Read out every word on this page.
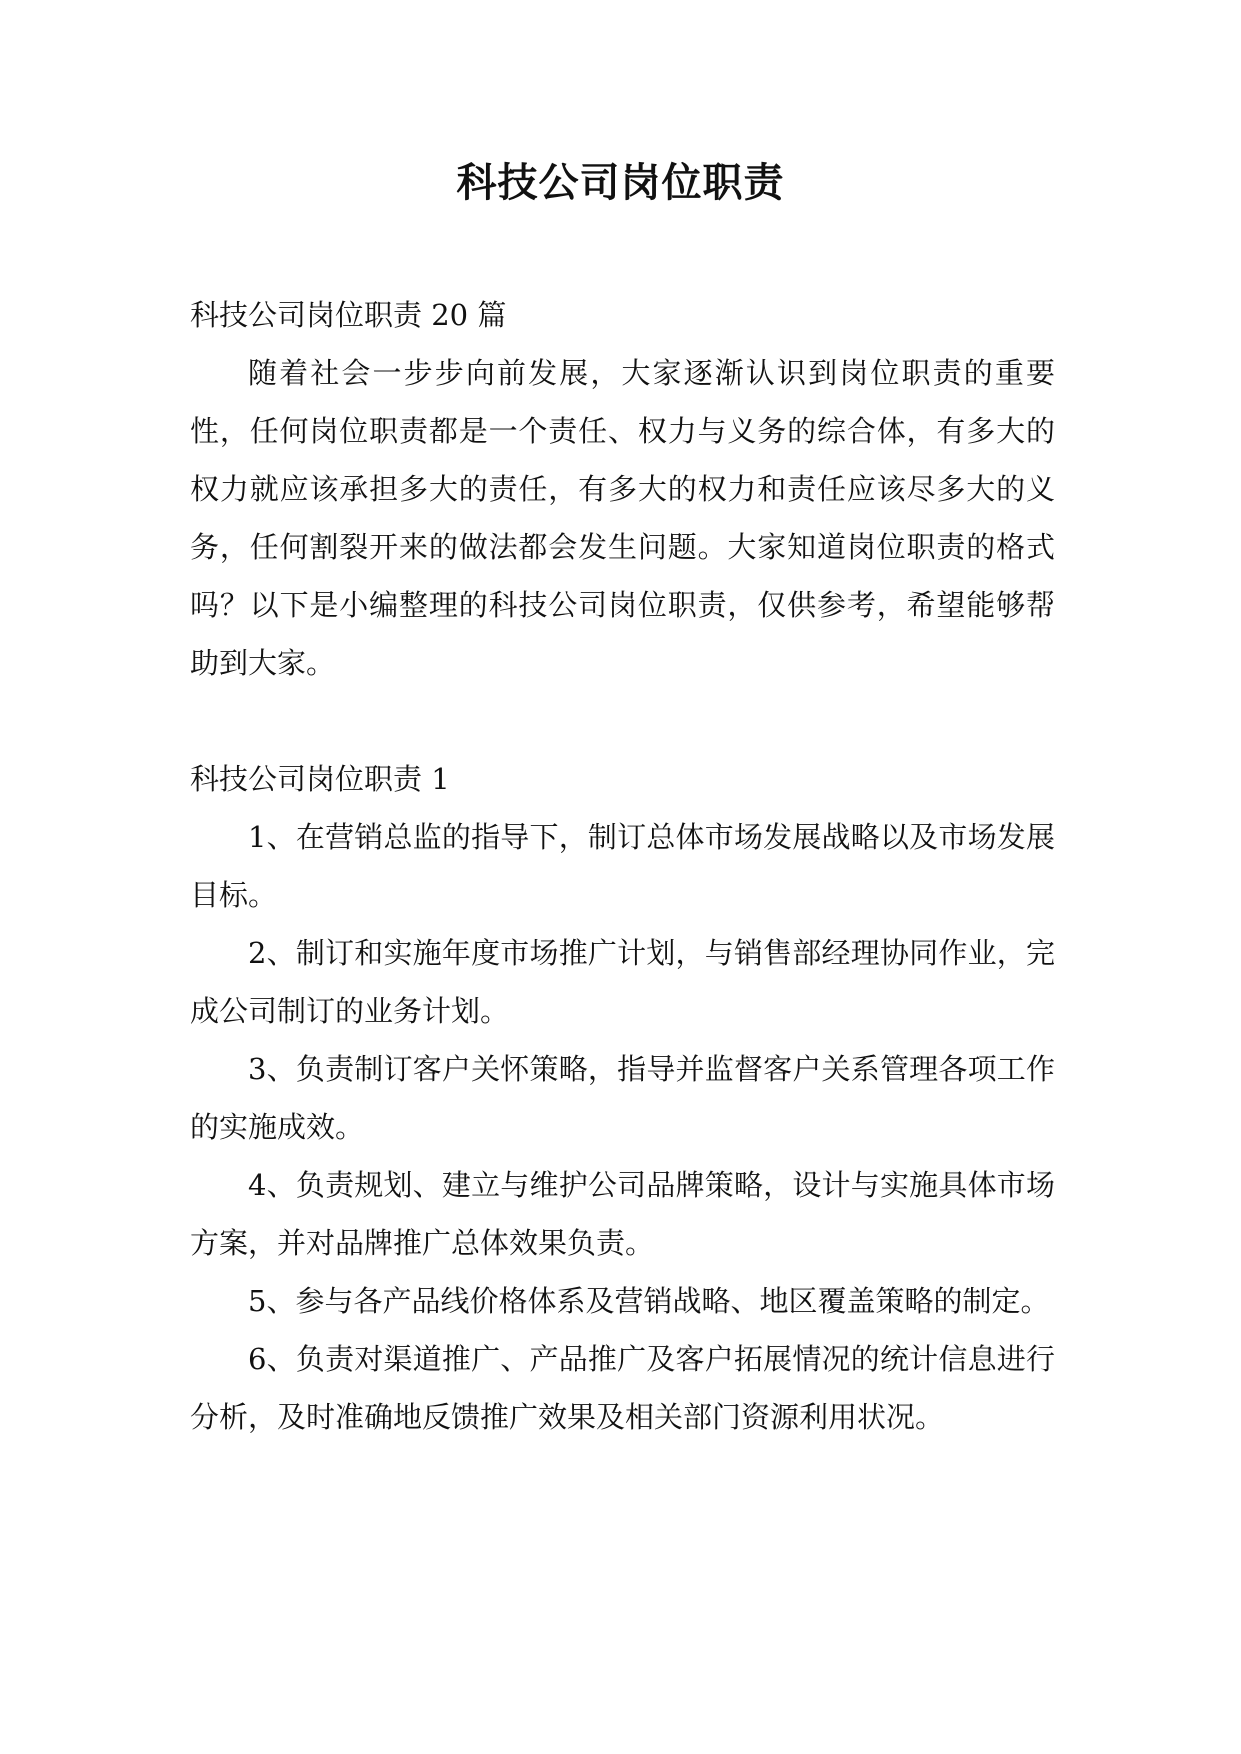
科技公司岗位职责

科技公司岗位职责 20 篇

随着社会一步步向前发展，大家逐渐认识到岗位职责的重要性，任何岗位职责都是一个责任、权力与义务的综合体，有多大的权力就应该承担多大的责任，有多大的权力和责任应该尽多大的义务，任何割裂开来的做法都会发生问题。大家知道岗位职责的格式吗？以下是小编整理的科技公司岗位职责，仅供参考，希望能够帮助到大家。

科技公司岗位职责 1

1、在营销总监的指导下，制订总体市场发展战略以及市场发展目标。

2、制订和实施年度市场推广计划，与销售部经理协同作业，完成公司制订的业务计划。

3、负责制订客户关怀策略，指导并监督客户关系管理各项工作的实施成效。

4、负责规划、建立与维护公司品牌策略，设计与实施具体市场方案，并对品牌推广总体效果负责。

5、参与各产品线价格体系及营销战略、地区覆盖策略的制定。

6、负责对渠道推广、产品推广及客户拓展情况的统计信息进行分析，及时准确地反馈推广效果及相关部门资源利用状况。
